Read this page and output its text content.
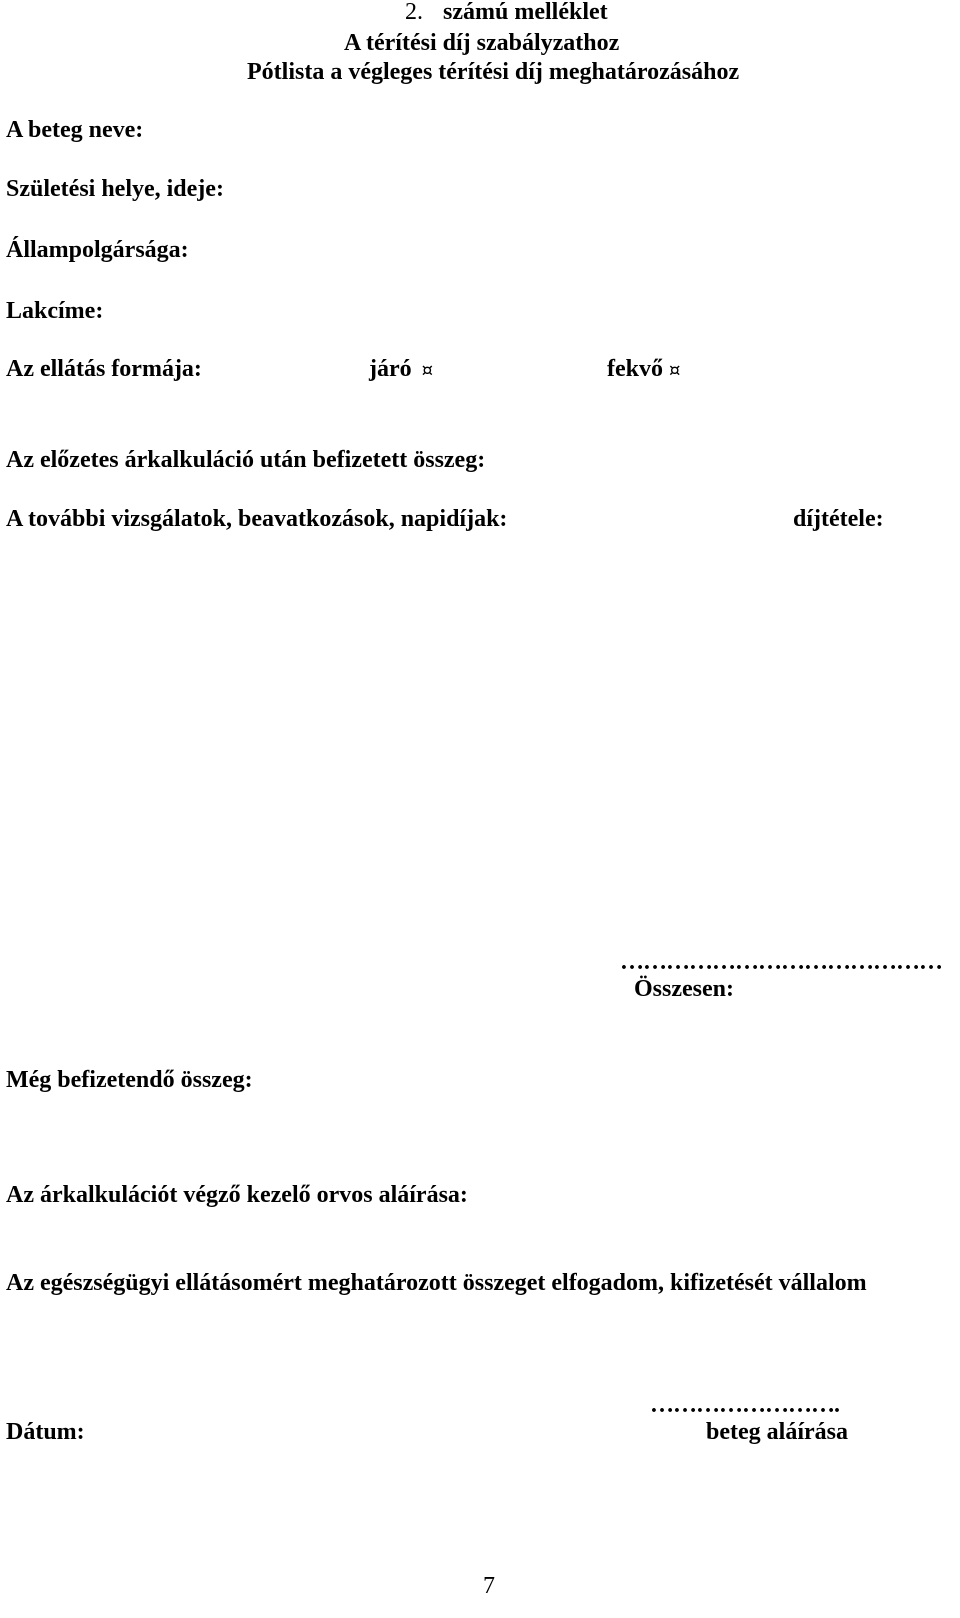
2. számú melléklet
A térítési díj szabályzathoz
Pótlista a végleges térítési díj meghatározásához
A beteg neve:
Születési helye, ideje:
Állampolgársága:
Lakcíme:
Az ellátás formája:	járó ¤	fekvő ¤
Az előzetes árkalkuláció után befizetett összeg:
A további vizsgálatok, beavatkozások, napidíjak:	díjtétele:
……………………………………
Összesen:
Még befizetendő összeg:
Az árkalkulációt végző kezelő orvos aláírása:
Az egészségügyi ellátásomért meghatározott összeget elfogadom, kifizetését vállalom
…………………….
Dátum:	beteg aláírása
7
